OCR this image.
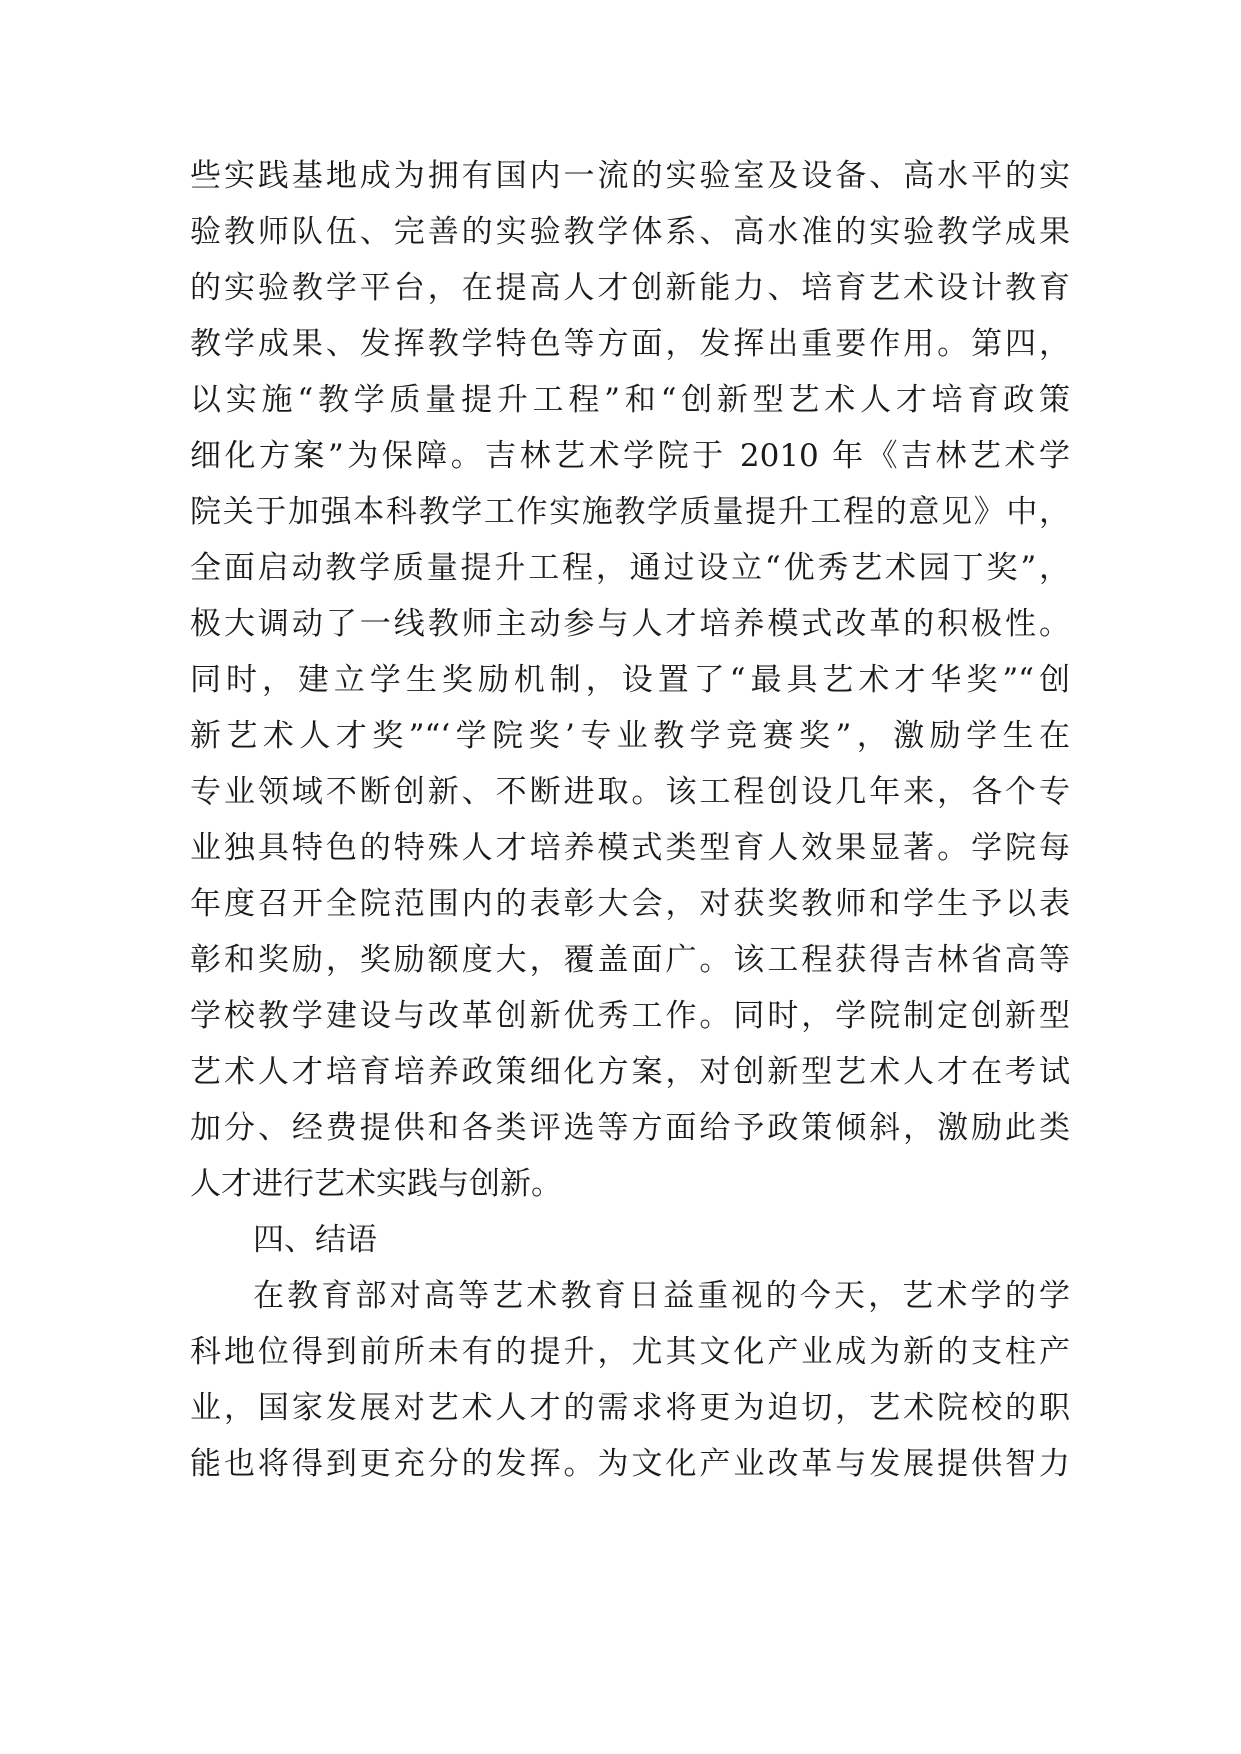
些实践基地成为拥有国内一流的实验室及设备、高水平的实
验教师队伍、完善的实验教学体系、高水准的实验教学成果
的实验教学平台，在提高人才创新能力、培育艺术设计教育
教学成果、发挥教学特色等方面，发挥出重要作用。第四，
以实施“教学质量提升工程”和“创新型艺术人才培育政策
细化方案”为保障。吉林艺术学院于 2010 年《吉林艺术学
院关于加强本科教学工作实施教学质量提升工程的意见》中，
全面启动教学质量提升工程，通过设立“优秀艺术园丁奖”，
极大调动了一线教师主动参与人才培养模式改革的积极性。
同时，建立学生奖励机制，设置了“最具艺术才华奖”“创
新艺术人才奖”“‘学院奖’专业教学竞赛奖”，激励学生在
专业领域不断创新、不断进取。该工程创设几年来，各个专
业独具特色的特殊人才培养模式类型育人效果显著。学院每
年度召开全院范围内的表彰大会，对获奖教师和学生予以表
彰和奖励，奖励额度大，覆盖面广。该工程获得吉林省高等
学校教学建设与改革创新优秀工作。同时，学院制定创新型
艺术人才培育培养政策细化方案，对创新型艺术人才在考试
加分、经费提供和各类评选等方面给予政策倾斜，激励此类
人才进行艺术实践与创新。
四、结语
在教育部对高等艺术教育日益重视的今天，艺术学的学
科地位得到前所未有的提升，尤其文化产业成为新的支柱产
业，国家发展对艺术人才的需求将更为迫切，艺术院校的职
能也将得到更充分的发挥。为文化产业改革与发展提供智力
